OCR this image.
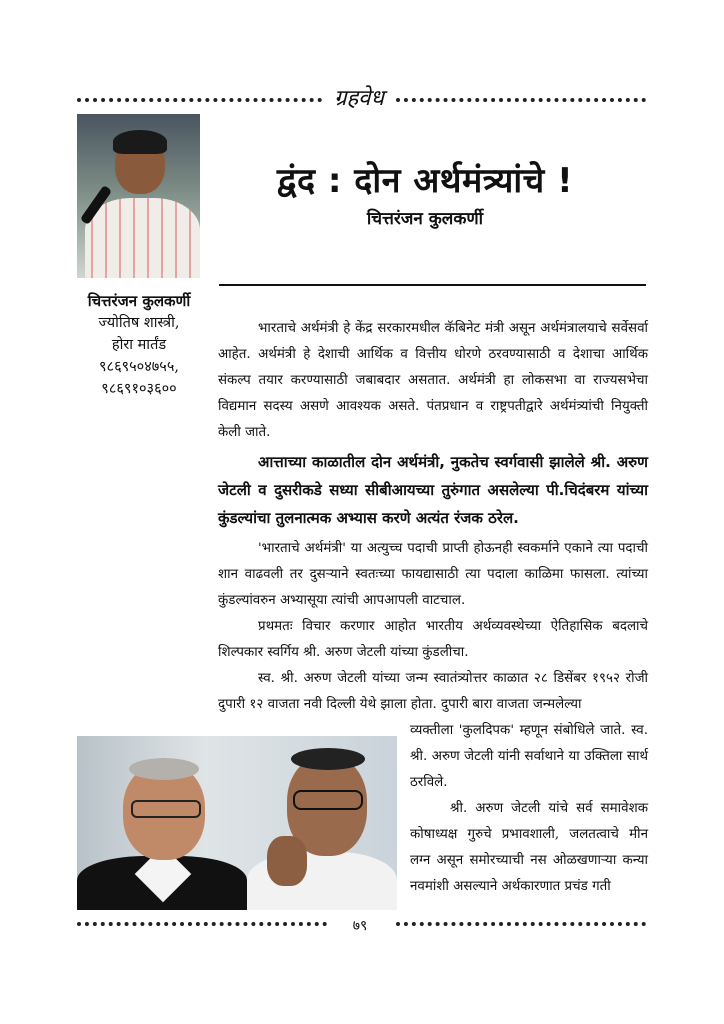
ग्रहवेध
द्वंद : दोन अर्थमंत्र्यांचे !
चित्तरंजन कुलकर्णी
चित्तरंजन कुलकर्णी
ज्योतिष शास्त्री,
होरा मार्तंड
९८६९५०४७५५,
९८६९१०३६००

भारताचे अर्थमंत्री हे केंद्र सरकारमधील कॅबिनेट मंत्री असून अर्थमंत्रालयाचे सर्वेसर्वा आहेत. अर्थमंत्री हे देशाची आर्थिक व वित्तीय धोरणे ठरवण्यासाठी व देशाचा आर्थिक संकल्प तयार करण्यासाठी जबाबदार असतात. अर्थमंत्री हा लोकसभा वा राज्यसभेचा विद्यमान सदस्य असणे आवश्यक असते. पंतप्रधान व राष्ट्रपतीद्वारे अर्थमंत्र्यांची नियुक्ती केली जाते.

आत्ताच्या काळातील दोन अर्थमंत्री, नुकतेच स्वर्गवासी झालेले श्री. अरुण जेटली व दुसरीकडे सध्या सीबीआयच्या तुरुंगात असलेल्या पी.चिदंबरम यांच्या कुंडल्यांचा तुलनात्मक अभ्यास करणे अत्यंत रंजक ठरेल.

'भारताचे अर्थमंत्री' या अत्युच्च पदाची प्राप्ती होऊनही स्वकर्माने एकाने त्या पदाची शान वाढवली तर दुसऱ्याने स्वतःच्या फायद्यासाठी त्या पदाला काळिमा फासला. त्यांच्या कुंडल्यांवरुन अभ्यासूया त्यांची आपआपली वाटचाल.

प्रथमतः विचार करणार आहोत भारतीय अर्थव्यवस्थेच्या ऐतिहासिक बदलाचे शिल्पकार स्वर्गिय श्री. अरुण जेटली यांच्या कुंडलीचा.

स्व. श्री. अरुण जेटली यांच्या जन्म स्वातंत्र्योत्तर काळात २८ डिसेंबर १९५२ रोजी दुपारी १२ वाजता नवी दिल्ली येथे झाला होता. दुपारी बारा वाजता जन्मलेल्या

व्यक्तीला 'कुलदिपक' म्हणून संबोधिले जाते. स्व. श्री. अरुण जेटली यांनी सर्वाथाने या उक्तिला सार्थ ठरविले.

श्री. अरुण जेटली यांचे सर्व समावेशक कोषाध्यक्ष गुरुचे प्रभावशाली, जलतत्वाचे मीन लग्न असून समोरच्याची नस ओळखणाऱ्या कन्या नवमांशी असल्याने अर्थकारणात प्रचंड गती

७९
